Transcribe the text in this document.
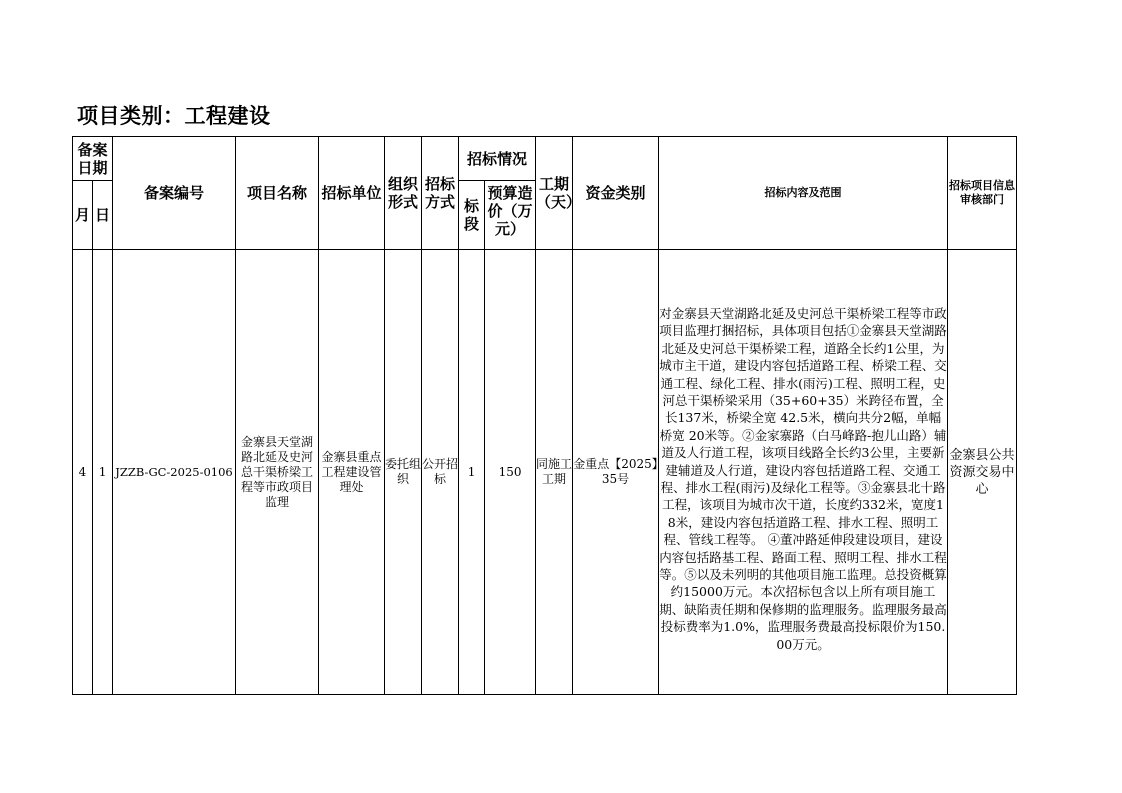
项目类别：工程建设
备案日期		备案编号	项目名称	招标单位	组织形式	招标方式	招标情况		工期（天）	资金类别	招标内容及范围	招标项目信息审核部门
月	日						标段	预算造价（万元）				

4	1	JZZB-GC-2025-0106	金寨县天堂湖路北延及史河总干渠桥梁工程等市政项目监理	金寨县重点工程建设管理处	委托组织	公开招标	1	150	同施工工期	金重点【2025】35号	对金寨县天堂湖路北延及史河总干渠桥梁工程等市政项目监理打捆招标，具体项目包括①金寨县天堂湖路北延及史河总干渠桥梁工程，道路全长约1公里，为城市主干道，建设内容包括道路工程、桥梁工程、交通工程、绿化工程、排水(雨污)工程、照明工程，史河总干渠桥梁采用（35+60+35）米跨径布置，全长137米，桥梁全宽 42.5米，横向共分2幅，单幅桥宽 20米等。②金家寨路（白马峰路-抱儿山路）辅道及人行道工程，该项目线路全长约3公里，主要新建辅道及人行道，建设内容包括道路工程、交通工程、排水工程(雨污)及绿化工程等。③金寨县北十路工程，该项目为城市次干道，长度约332米，宽度18米，建设内容包括道路工程、排水工程、照明工程、管线工程等。 ④董冲路延伸段建设项目，建设内容包括路基工程、路面工程、照明工程、排水工程等。⑤以及未列明的其他项目施工监理。总投资概算约15000万元。本次招标包含以上所有项目施工期、缺陷责任期和保修期的监理服务。监理服务最高投标费率为1.0%，监理服务费最高投标限价为150.00万元。	金寨县公共资源交易中心
